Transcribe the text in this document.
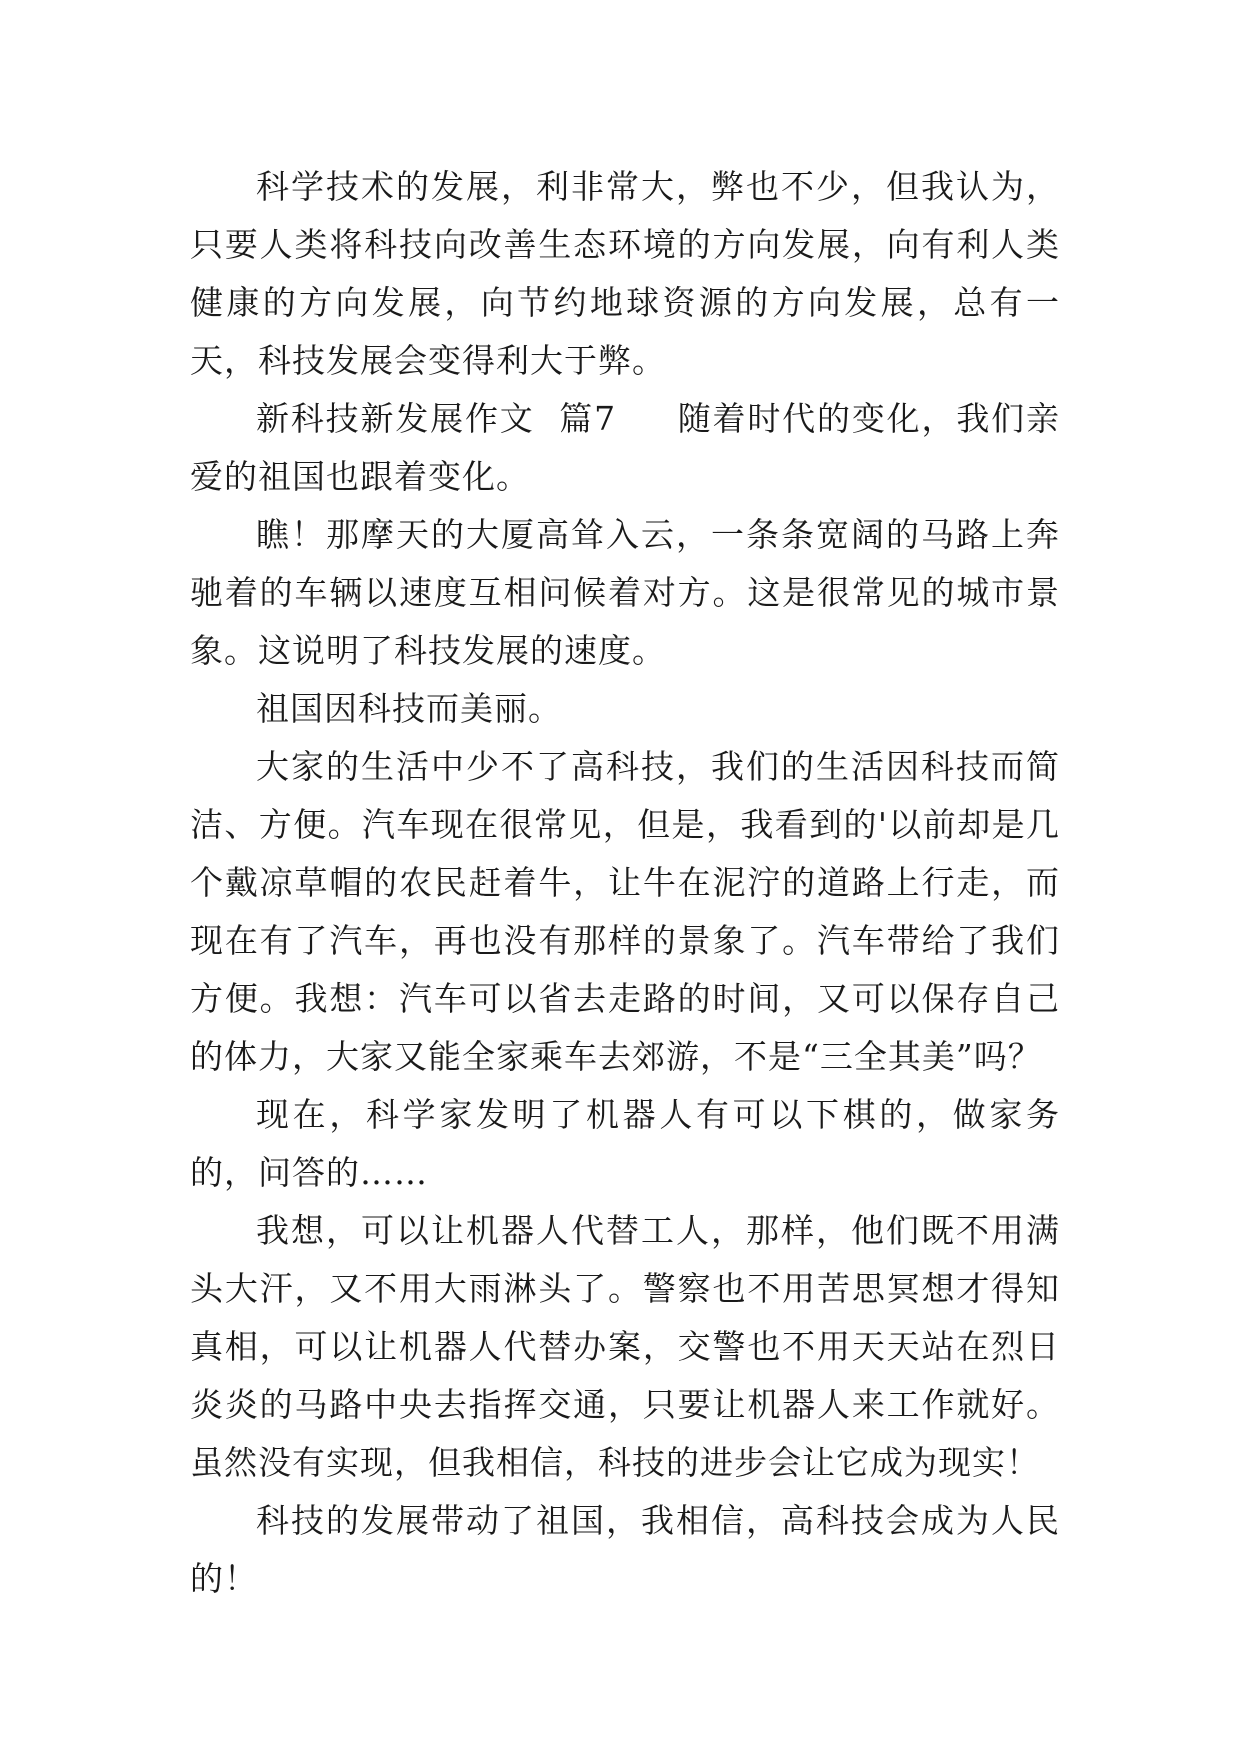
科学技术的发展，利非常大，弊也不少，但我认为，只要人类将科技向改善生态环境的方向发展，向有利人类健康的方向发展，向节约地球资源的方向发展，总有一天，科技发展会变得利大于弊。

新科技新发展作文  篇7     随着时代的变化，我们亲爱的祖国也跟着变化。

瞧！那摩天的大厦高耸入云，一条条宽阔的马路上奔驰着的车辆以速度互相问候着对方。这是很常见的城市景象。这说明了科技发展的速度。

祖国因科技而美丽。

大家的生活中少不了高科技，我们的生活因科技而简洁、方便。汽车现在很常见，但是，我看到的'以前却是几个戴凉草帽的农民赶着牛，让牛在泥泞的道路上行走，而现在有了汽车，再也没有那样的景象了。汽车带给了我们方便。我想：汽车可以省去走路的时间，又可以保存自己的体力，大家又能全家乘车去郊游，不是“三全其美”吗？

现在，科学家发明了机器人有可以下棋的，做家务的，问答的……

我想，可以让机器人代替工人，那样，他们既不用满头大汗，又不用大雨淋头了。警察也不用苦思冥想才得知真相，可以让机器人代替办案，交警也不用天天站在烈日炎炎的马路中央去指挥交通，只要让机器人来工作就好。虽然没有实现，但我相信，科技的进步会让它成为现实！

科技的发展带动了祖国，我相信，高科技会成为人民的！
